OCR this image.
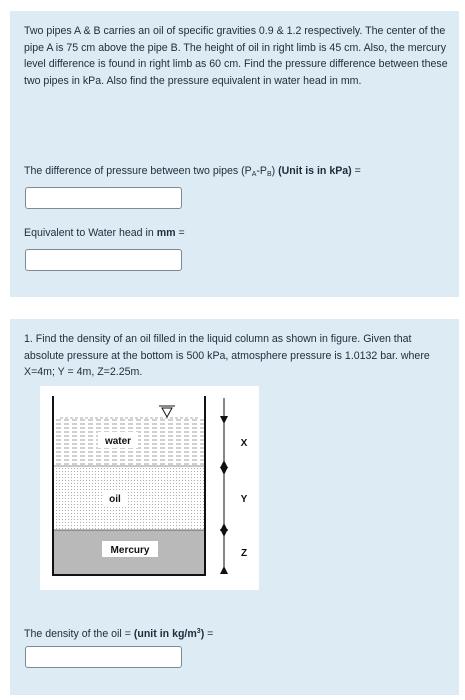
Two pipes A & B carries an oil of specific gravities 0.9 & 1.2 respectively. The center of the pipe A is 75 cm above the pipe B. The height of oil in right limb is 45 cm. Also, the mercury level difference is found in right limb as 60 cm. Find the pressure difference between these two pipes in kPa. Also find the pressure equivalent in water head in mm.

The difference of pressure between two pipes $(P_A-P_B)$ (Unit is in kPa) =
Equivalent to Water head in mm =

1. Find the density of an oil filled in the liquid column as shown in figure. Given that absolute pressure at the bottom is 500 kPa, atmosphere pressure is 1.0132 bar. where X=4m; Y = 4m, Z=2.25m.

water
oil
Mercury
X
Y
Z
The density of the oil = (unit in $kg/m^3$) =
